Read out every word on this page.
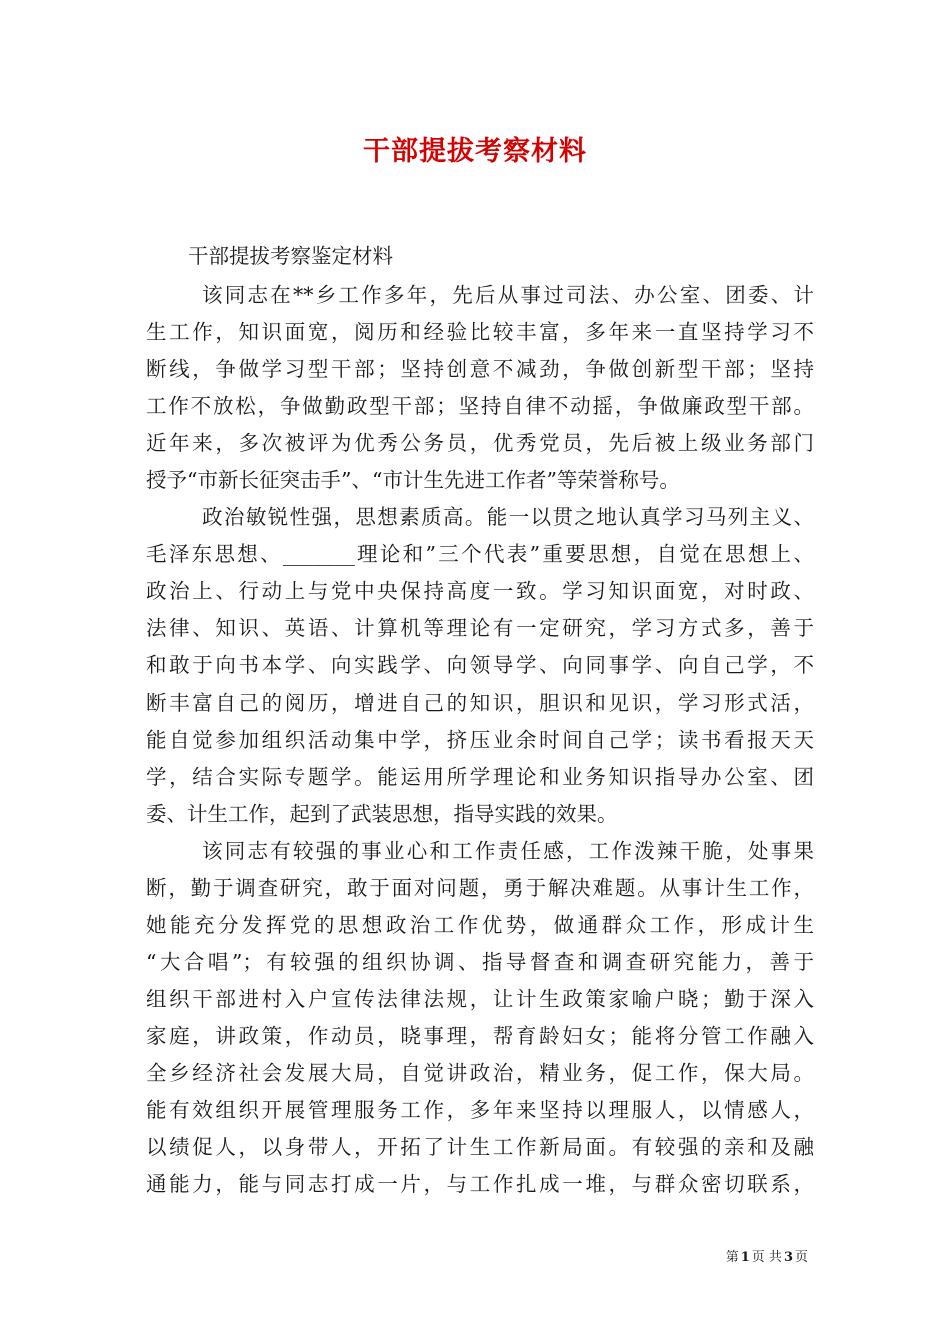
干部提拔考察材料
干部提拔考察鉴定材料
该同志在**乡工作多年，先后从事过司法、办公室、团委、计
生工作，知识面宽，阅历和经验比较丰富，多年来一直坚持学习不
断线，争做学习型干部；坚持创意不减劲，争做创新型干部；坚持
工作不放松，争做勤政型干部；坚持自律不动摇，争做廉政型干部。
近年来，多次被评为优秀公务员，优秀党员，先后被上级业务部门
授予“市新长征突击手”、“市计生先进工作者”等荣誉称号。
政治敏锐性强，思想素质高。能一以贯之地认真学习马列主义、
毛泽东思想、_______理论和”三个代表”重要思想，自觉在思想上、
政治上、行动上与党中央保持高度一致。学习知识面宽，对时政、
法律、知识、英语、计算机等理论有一定研究，学习方式多，善于
和敢于向书本学、向实践学、向领导学、向同事学、向自己学，不
断丰富自己的阅历，增进自己的知识，胆识和见识，学习形式活，
能自觉参加组织活动集中学，挤压业余时间自己学；读书看报天天
学，结合实际专题学。能运用所学理论和业务知识指导办公室、团
委、计生工作，起到了武装思想，指导实践的效果。
该同志有较强的事业心和工作责任感，工作泼辣干脆，处事果
断，勤于调查研究，敢于面对问题，勇于解决难题。从事计生工作，
她能充分发挥党的思想政治工作优势，做通群众工作，形成计生
“大合唱”；有较强的组织协调、指导督查和调查研究能力，善于
组织干部进村入户宣传法律法规，让计生政策家喻户晓；勤于深入
家庭，讲政策，作动员，晓事理，帮育龄妇女；能将分管工作融入
全乡经济社会发展大局，自觉讲政治，精业务，促工作，保大局。
能有效组织开展管理服务工作，多年来坚持以理服人，以情感人，
以绩促人，以身带人，开拓了计生工作新局面。有较强的亲和及融
通能力，能与同志打成一片，与工作扎成一堆，与群众密切联系，
第 1 页 共 3 页
